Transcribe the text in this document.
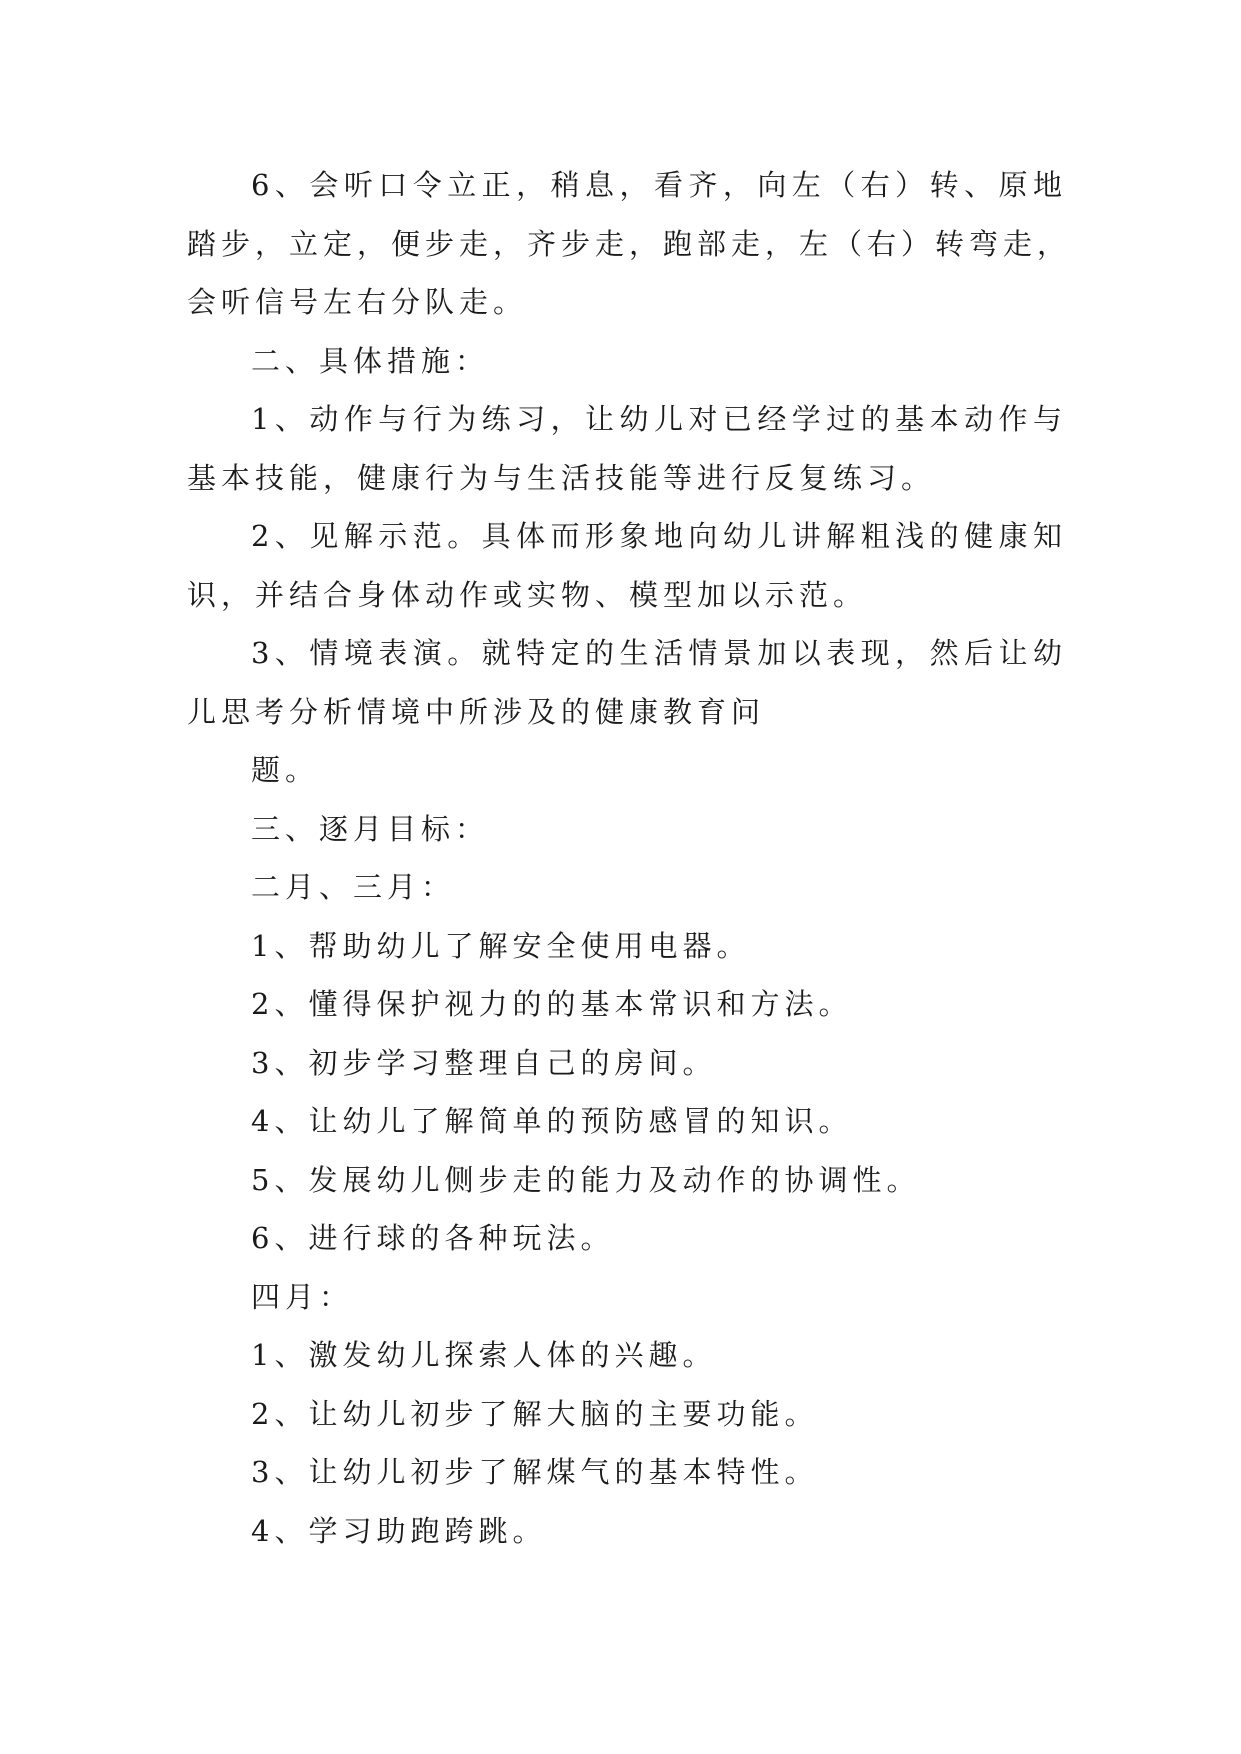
6、会听口令立正，稍息，看齐，向左（右）转、原地
踏步，立定，便步走，齐步走，跑部走，左（右）转弯走，
会听信号左右分队走。
二、具体措施：
1、动作与行为练习，让幼儿对已经学过的基本动作与
基本技能，健康行为与生活技能等进行反复练习。
2、见解示范。具体而形象地向幼儿讲解粗浅的健康知
识，并结合身体动作或实物、模型加以示范。
3、情境表演。就特定的生活情景加以表现，然后让幼
儿思考分析情境中所涉及的健康教育问
题。
三、逐月目标：
二月、三月：
1、帮助幼儿了解安全使用电器。
2、懂得保护视力的的基本常识和方法。
3、初步学习整理自己的房间。
4、让幼儿了解简单的预防感冒的知识。
5、发展幼儿侧步走的能力及动作的协调性。
6、进行球的各种玩法。
四月：
1、激发幼儿探索人体的兴趣。
2、让幼儿初步了解大脑的主要功能。
3、让幼儿初步了解煤气的基本特性。
4、学习助跑跨跳。
